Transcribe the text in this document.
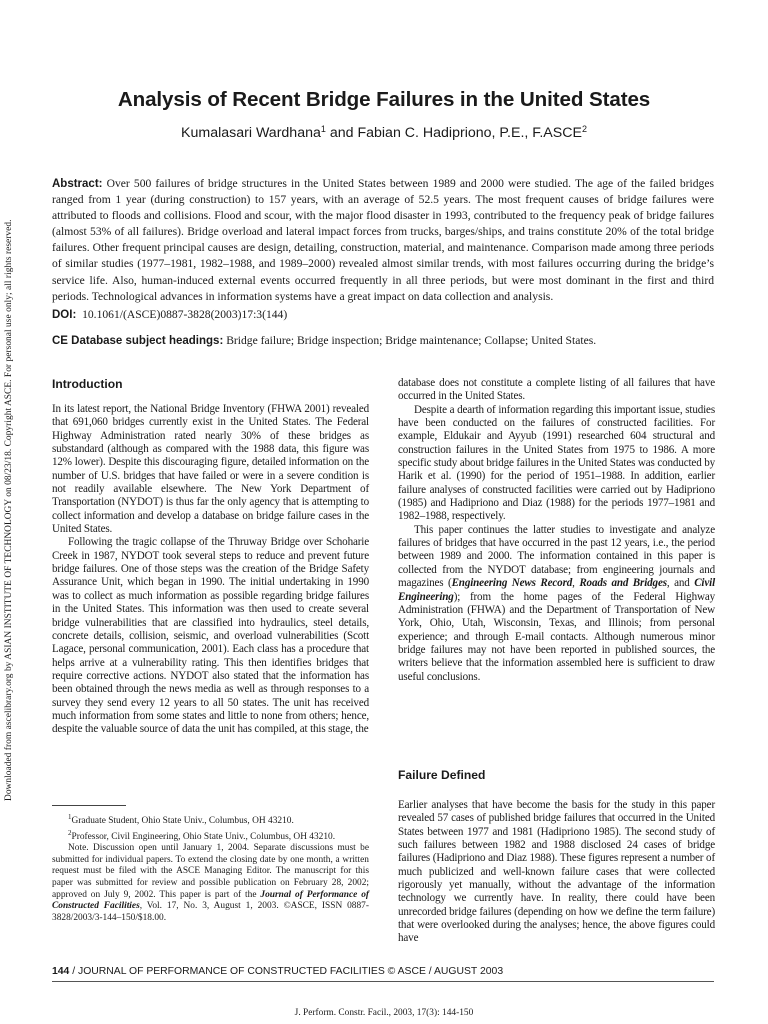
Downloaded from ascelibrary.org by ASIAN INSTITUTE OF TECHNOLOGY on 08/23/18. Copyright ASCE. For personal use only; all rights reserved.
Analysis of Recent Bridge Failures in the United States
Kumalasari Wardhana$^1$ and Fabian C. Hadipriono, P.E., F.ASCE$^2$
Abstract: Over 500 failures of bridge structures in the United States between 1989 and 2000 were studied. The age of the failed bridges ranged from 1 year (during construction) to 157 years, with an average of 52.5 years. The most frequent causes of bridge failures were attributed to floods and collisions. Flood and scour, with the major flood disaster in 1993, contributed to the frequency peak of bridge failures (almost 53% of all failures). Bridge overload and lateral impact forces from trucks, barges/ships, and trains constitute 20% of the total bridge failures. Other frequent principal causes are design, detailing, construction, material, and maintenance. Comparison made among three periods of similar studies (1977–1981, 1982–1988, and 1989–2000) revealed almost similar trends, with most failures occurring during the bridge’s service life. Also, human-induced external events occurred frequently in all three periods, but were most dominant in the first and third periods. Technological advances in information systems have a great impact on data collection and analysis.
DOI: 10.1061/(ASCE)0887-3828(2003)17:3(144)
CE Database subject headings: Bridge failure; Bridge inspection; Bridge maintenance; Collapse; United States.
Introduction

In its latest report, the National Bridge Inventory (FHWA 2001) revealed that 691,060 bridges currently exist in the United States. The Federal Highway Administration rated nearly 30% of these bridges as substandard (although as compared with the 1988 data, this figure was 12% lower). Despite this discouraging figure, detailed information on the number of U.S. bridges that have failed or were in a severe condition is not readily available elsewhere. The New York Department of Transportation (NYDOT) is thus far the only agency that is attempting to collect information and develop a database on bridge failure cases in the United States.

Following the tragic collapse of the Thruway Bridge over Schoharie Creek in 1987, NYDOT took several steps to reduce and prevent future bridge failures. One of those steps was the creation of the Bridge Safety Assurance Unit, which began in 1990. The initial undertaking in 1990 was to collect as much information as possible regarding bridge failures in the United States. This information was then used to create several bridge vulnerabilities that are classified into hydraulics, steel details, concrete details, collision, seismic, and overload vulnerabilities (Scott Lagace, personal communication, 2001). Each class has a procedure that helps arrive at a vulnerability rating. This then identifies bridges that require corrective actions. NYDOT also stated that the information has been obtained through the news media as well as through responses to a survey they send every 12 years to all 50 states. The unit has received much information from some states and little to none from others; hence, despite the valuable source of data the unit has compiled, at this stage, the

$^1$Graduate Student, Ohio State Univ., Columbus, OH 43210.

$^2$Professor, Civil Engineering, Ohio State Univ., Columbus, OH 43210.

Note. Discussion open until January 1, 2004. Separate discussions must be submitted for individual papers. To extend the closing date by one month, a written request must be filed with the ASCE Managing Editor. The manuscript for this paper was submitted for review and possible publication on February 28, 2002; approved on July 9, 2002. This paper is part of the Journal of Performance of Constructed Facilities, Vol. 17, No. 3, August 1, 2003. ©ASCE, ISSN 0887-3828/2003/3-144–150/$18.00.

database does not constitute a complete listing of all failures that have occurred in the United States.

Despite a dearth of information regarding this important issue, studies have been conducted on the failures of constructed facilities. For example, Eldukair and Ayyub (1991) researched 604 structural and construction failures in the United States from 1975 to 1986. A more specific study about bridge failures in the United States was conducted by Harik et al. (1990) for the period of 1951–1988. In addition, earlier failure analyses of constructed facilities were carried out by Hadipriono (1985) and Hadipriono and Diaz (1988) for the periods 1977–1981 and 1982–1988, respectively.

This paper continues the latter studies to investigate and analyze failures of bridges that have occurred in the past 12 years, i.e., the period between 1989 and 2000. The information contained in this paper is collected from the NYDOT database; from engineering journals and magazines (Engineering News Record, Roads and Bridges, and Civil Engineering); from the home pages of the Federal Highway Administration (FHWA) and the Department of Transportation of New York, Ohio, Utah, Wisconsin, Texas, and Illinois; from personal experience; and through E-mail contacts. Although numerous minor bridge failures may not have been reported in published sources, the writers believe that the information assembled here is sufficient to draw useful conclusions.

Failure Defined

Earlier analyses that have become the basis for the study in this paper revealed 57 cases of published bridge failures that occurred in the United States between 1977 and 1981 (Hadipriono 1985). The second study of such failures between 1982 and 1988 disclosed 24 cases of bridge failures (Hadipriono and Diaz 1988). These figures represent a number of much publicized and well-known failure cases that were collected rigorously yet manually, without the advantage of the information technology we currently have. In reality, there could have been unrecorded bridge failures (depending on how we define the term failure) that were overlooked during the analyses; hence, the above figures could have

144 / JOURNAL OF PERFORMANCE OF CONSTRUCTED FACILITIES © ASCE / AUGUST 2003
J. Perform. Constr. Facil., 2003, 17(3): 144-150
